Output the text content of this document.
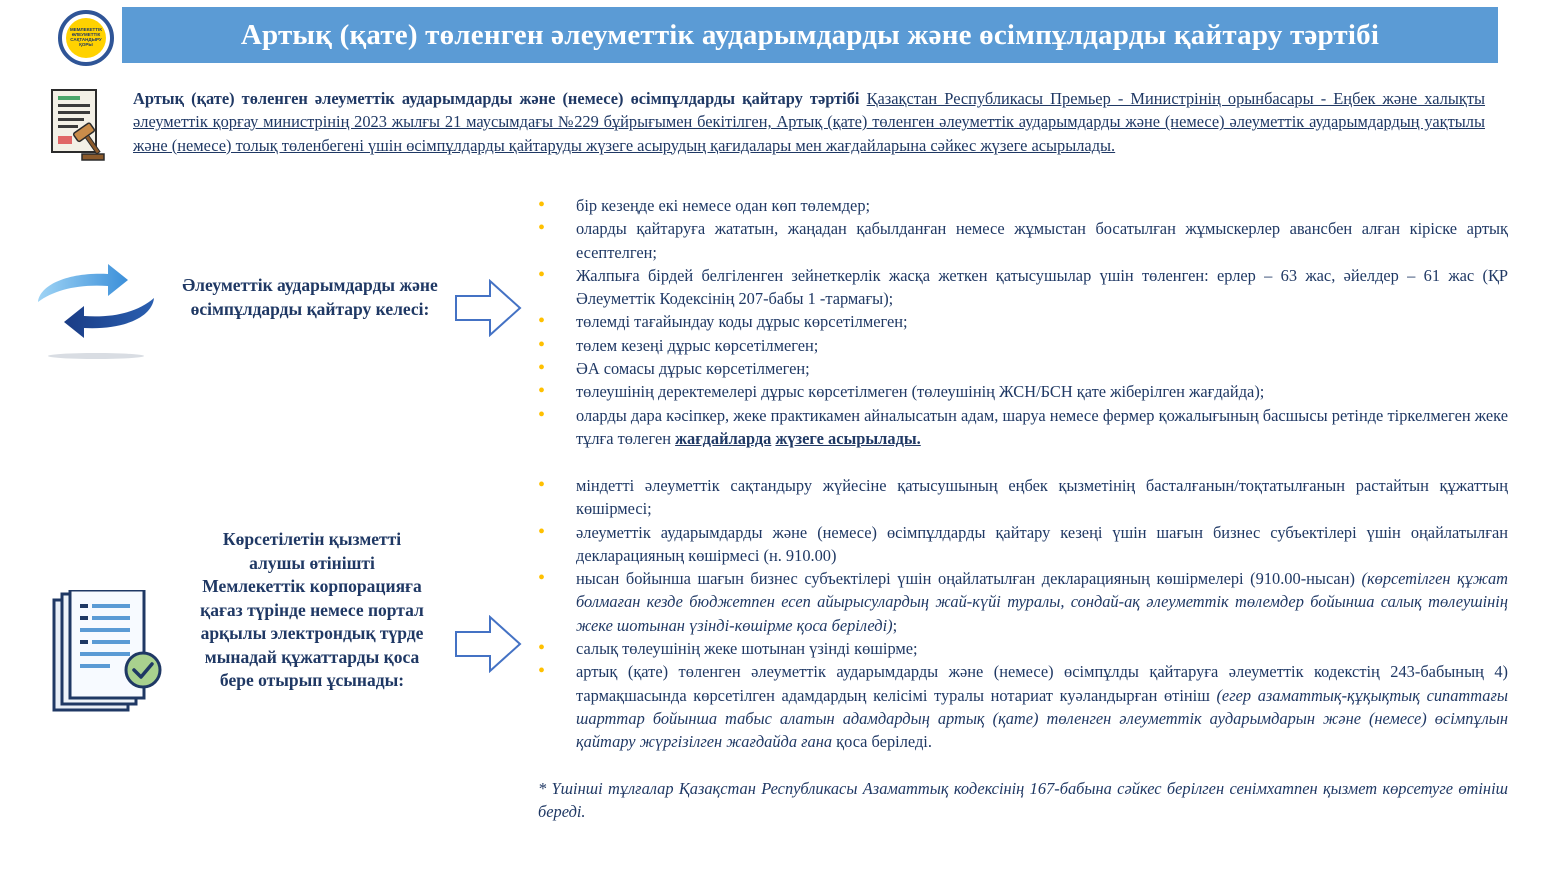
МЕМЛЕКЕТТІК ӘЛЕУМЕТТІК САҚТАНДЫРУ ҚОРЫ	Артық (қате) төленген әлеуметтік аударымдарды және өсімпұлдарды қайтару тәртібі
Артық (қате) төленген әлеуметтік аударымдарды және (немесе) өсімпұлдарды қайтару тәртібі Қазақстан Республикасы Премьер - Министрінің орынбасары - Еңбек және халықты әлеуметтік қорғау министрінің 2023 жылғы 21 маусымдағы №229 бұйрығымен бекітілген, Артық (қате) төленген әлеуметтік аударымдарды және (немесе) әлеуметтік аударымдардың уақтылы және (немесе) толық төленбегені үшін өсімпұлдарды қайтаруды жүзеге асырудың қағидалары мен жағдайларына сәйкес жүзеге асырылады.
Әлеуметтік аударымдарды және өсімпұлдарды қайтару келесі:
• бір кезеңде екі немесе одан көп төлемдер;
• оларды қайтаруға жататын, жаңадан қабылданған немесе жұмыстан босатылған жұмыскерлер авансбен алған кіріске артық есептелген;
• Жалпыға бірдей белгіленген зейнеткерлік жасқа жеткен қатысушылар үшін төленген: ерлер – 63 жас, әйелдер – 61 жас (ҚР Әлеуметтік Кодексінің 207-бабы 1 -тармағы);
• төлемді тағайындау коды дұрыс көрсетілмеген;
• төлем кезеңі дұрыс көрсетілмеген;
• ӘА сомасы дұрыс көрсетілмеген;
• төлеушінің деректемелері дұрыс көрсетілмеген (төлеушінің ЖСН/БСН қате жіберілген жағдайда);
• оларды дара кәсіпкер, жеке практикамен айналысатын адам, шаруа немесе фермер қожалығының басшысы ретінде тіркелмеген жеке тұлға төлеген жағдайларда жүзеге асырылады.
Көрсетілетін қызметті алушы өтінішті Мемлекеттік корпорацияға қағаз түрінде немесе портал арқылы электрондық түрде мынадай құжаттарды қоса бере отырып ұсынады:
• міндетті әлеуметтік сақтандыру жүйесіне қатысушының еңбек қызметінің басталғанын/тоқтатылғанын растайтын құжаттың көшірмесі;
• әлеуметтік аударымдарды және (немесе) өсімпұлдарды қайтару кезеңі үшін шағын бизнес субъектілері үшін оңайлатылған декларацияның көшірмесі (н. 910.00)
• нысан бойынша шағын бизнес субъектілері үшін оңайлатылған декларацияның көшірмелері (910.00-нысан) (көрсетілген құжат болмаған кезде бюджетпен есеп айырысулардың жай-күйі туралы, сондай-ақ әлеуметтік төлемдер бойынша салық төлеушінің жеке шотынан үзінді-көшірме қоса беріледі);
• салық төлеушінің жеке шотынан үзінді көшірме;
• артық (қате) төленген әлеуметтік аударымдарды және (немесе) өсімпұлды қайтаруға әлеуметтік кодекстің 243-бабының 4) тармақшасында көрсетілген адамдардың келісімі туралы нотариат куәландырған өтініш (егер азаматтық-құқықтық сипаттағы шарттар бойынша табыс алатын адамдардың артық (қате) төленген әлеуметтік аударымдарын және (немесе) өсімпұлын қайтару жүргізілген жағдайда ғана қоса беріледі.
* Үшінші тұлғалар Қазақстан Республикасы Азаматтық кодексінің 167-бабына сәйкес берілген сенімхатпен қызмет көрсетуге өтініш береді.
